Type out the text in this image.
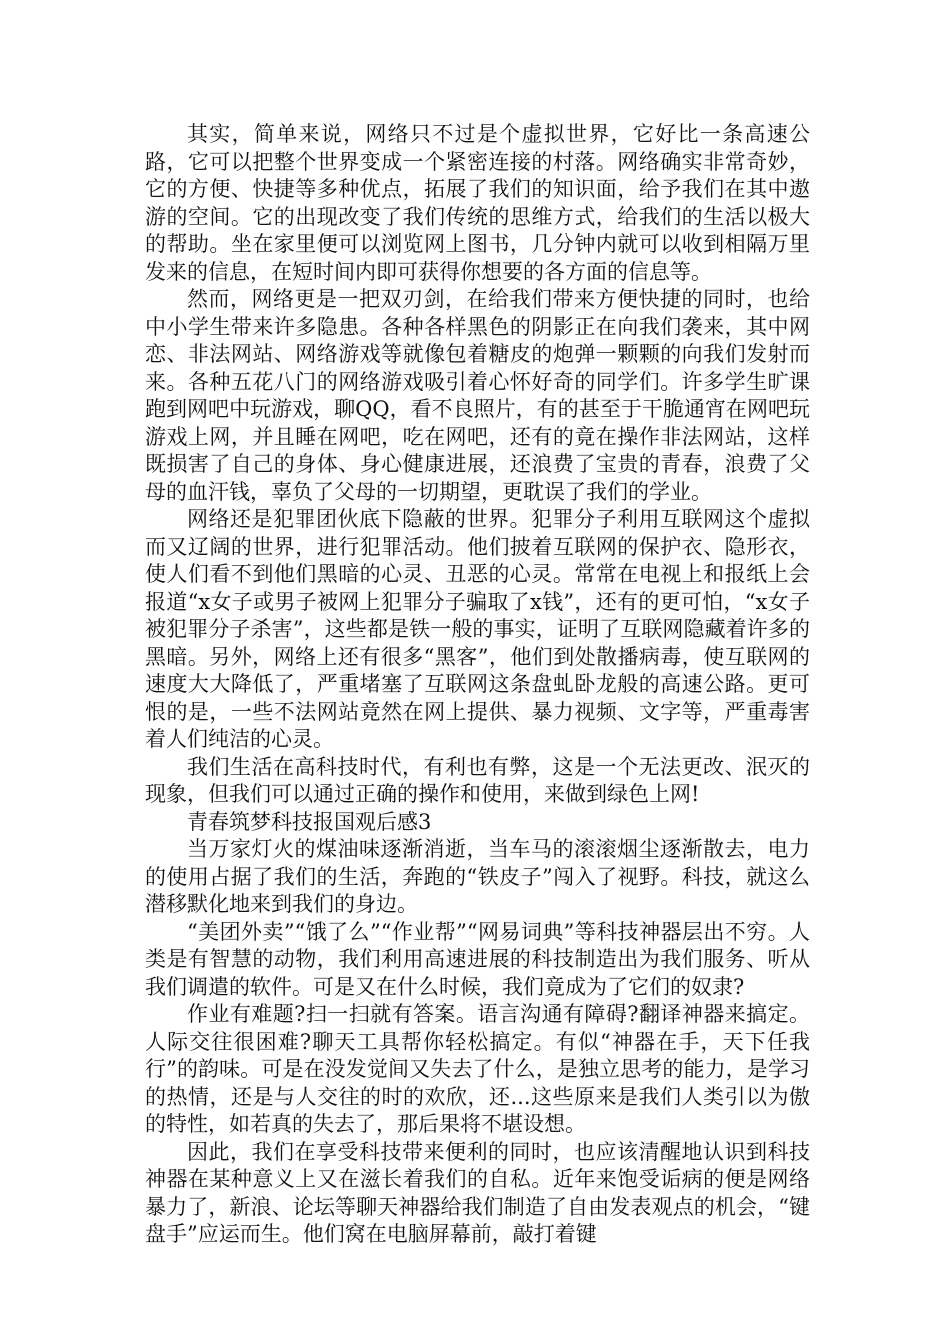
其实，简单来说，网络只不过是个虚拟世界，它好比一条高速公路，它可以把整个世界变成一个紧密连接的村落。网络确实非常奇妙，它的方便、快捷等多种优点，拓展了我们的知识面，给予我们在其中遨游的空间。它的出现改变了我们传统的思维方式，给我们的生活以极大的帮助。坐在家里便可以浏览网上图书，几分钟内就可以收到相隔万里发来的信息，在短时间内即可获得你想要的各方面的信息等。

然而，网络更是一把双刃剑，在给我们带来方便快捷的同时，也给中小学生带来许多隐患。各种各样黑色的阴影正在向我们袭来，其中网恋、非法网站、网络游戏等就像包着糖皮的炮弹一颗颗的向我们发射而来。各种五花八门的网络游戏吸引着心怀好奇的同学们。许多学生旷课跑到网吧中玩游戏，聊QQ，看不良照片，有的甚至于干脆通宵在网吧玩游戏上网，并且睡在网吧，吃在网吧，还有的竟在操作非法网站，这样既损害了自己的身体、身心健康进展，还浪费了宝贵的青春，浪费了父母的血汗钱，辜负了父母的一切期望，更耽误了我们的学业。

网络还是犯罪团伙底下隐蔽的世界。犯罪分子利用互联网这个虚拟而又辽阔的世界，进行犯罪活动。他们披着互联网的保护衣、隐形衣，使人们看不到他们黑暗的心灵、丑恶的心灵。常常在电视上和报纸上会报道“x女子或男子被网上犯罪分子骗取了x钱”，还有的更可怕，“x女子被犯罪分子杀害”，这些都是铁一般的事实，证明了互联网隐藏着许多的黑暗。另外，网络上还有很多“黑客”，他们到处散播病毒，使互联网的速度大大降低了，严重堵塞了互联网这条盘虬卧龙般的高速公路。更可恨的是，一些不法网站竟然在网上提供、暴力视频、文字等，严重毒害着人们纯洁的心灵。

我们生活在高科技时代，有利也有弊，这是一个无法更改、泯灭的现象，但我们可以通过正确的操作和使用，来做到绿色上网!

青春筑梦科技报国观后感3

当万家灯火的煤油味逐渐消逝，当车马的滚滚烟尘逐渐散去，电力的使用占据了我们的生活，奔跑的“铁皮子”闯入了视野。科技，就这么潜移默化地来到我们的身边。

“美团外卖”“饿了么”“作业帮”“网易词典”等科技神器层出不穷。人类是有智慧的动物，我们利用高速进展的科技制造出为我们服务、听从我们调遣的软件。可是又在什么时候，我们竟成为了它们的奴隶?

作业有难题?扫一扫就有答案。语言沟通有障碍?翻译神器来搞定。人际交往很困难?聊天工具帮你轻松搞定。有似“神器在手，天下任我行”的韵味。可是在没发觉间又失去了什么，是独立思考的能力，是学习的热情，还是与人交往的时的欢欣，还...这些原来是我们人类引以为傲的特性，如若真的失去了，那后果将不堪设想。

因此，我们在享受科技带来便利的同时，也应该清醒地认识到科技神器在某种意义上又在滋长着我们的自私。近年来饱受诟病的便是网络暴力了，新浪、论坛等聊天神器给我们制造了自由发表观点的机会，“键盘手”应运而生。他们窝在电脑屏幕前，敲打着键
